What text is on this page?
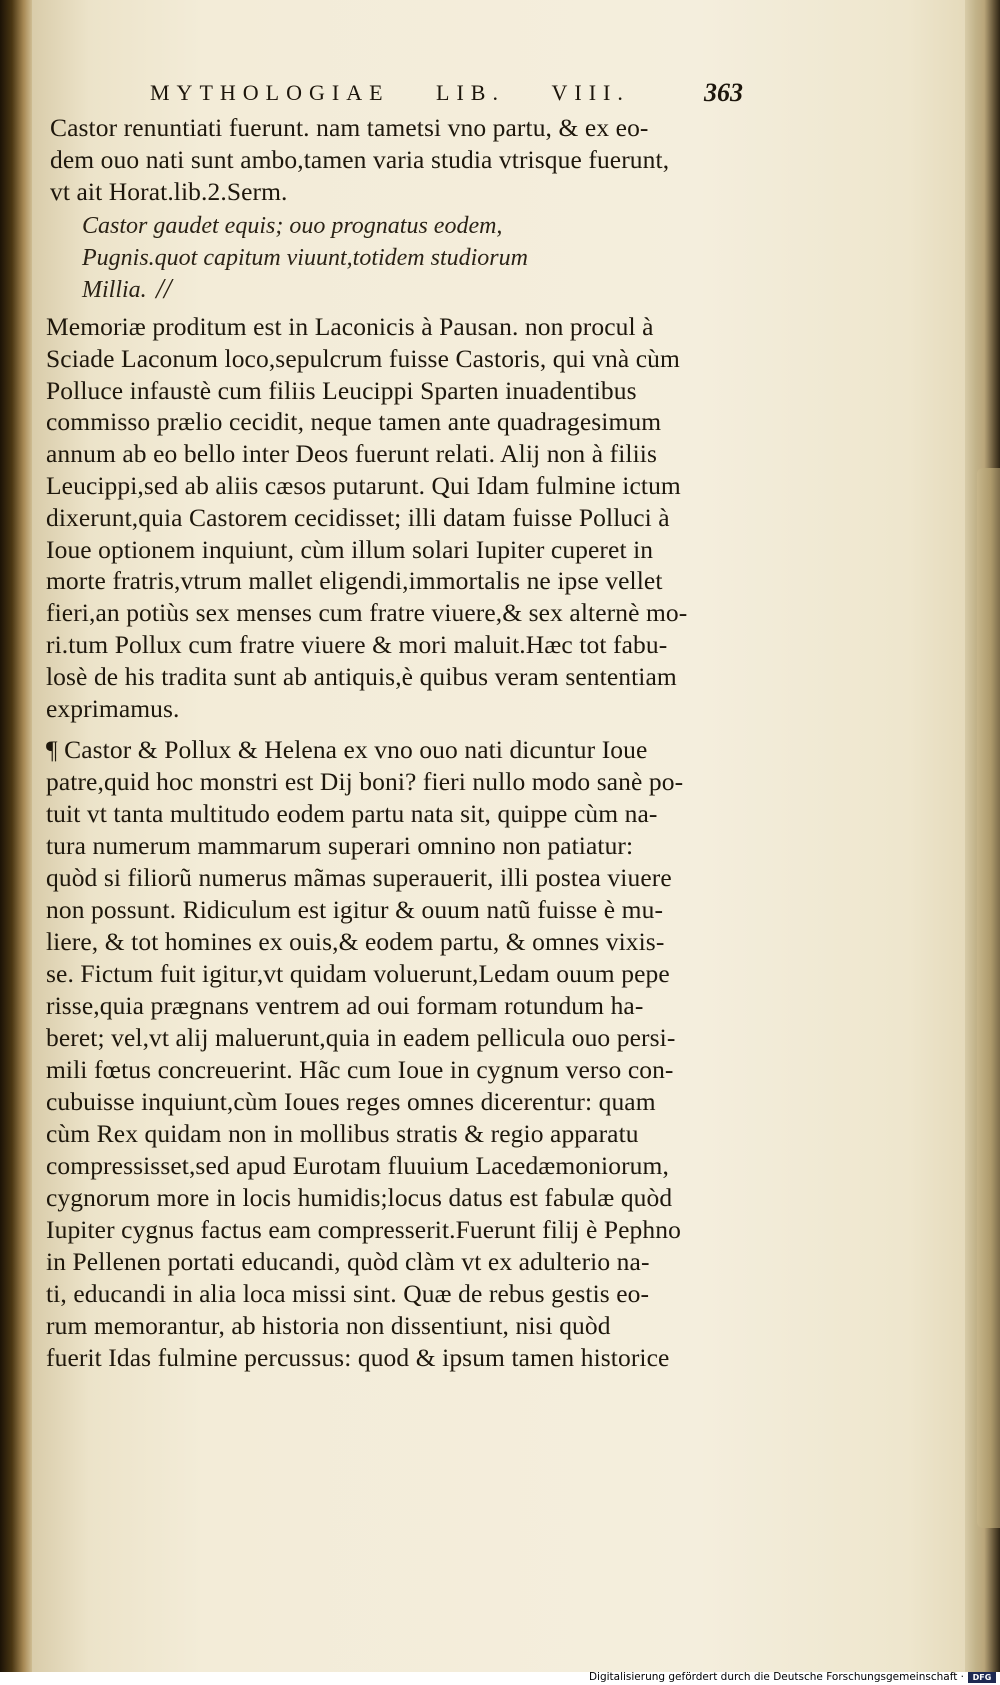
MYTHOLOGIAE LIB. VIII.	363
Castor renuntiati fuerunt. nam tametsi vno partu, & ex eo-
dem ouo nati sunt ambo,tamen varia studia vtrisque fuerunt,
vt ait Horat.lib.2.Serm.
Castor gaudet equis; ouo prognatus eodem,
Pugnis.quot capitum viuunt,totidem studiorum
Millia. //
Memoriæ proditum est in Laconicis à Pausan. non procul à
Sciade Laconum loco,sepulcrum fuisse Castoris, qui vnà cùm
Polluce infaustè cum filiis Leucippi Sparten inuadentibus
commisso prælio cecidit, neque tamen ante quadragesimum
annum ab eo bello inter Deos fuerunt relati. Alij non à filiis
Leucippi,sed ab aliis cæsos putarunt. Qui Idam fulmine ictum
dixerunt,quia Castorem cecidisset; illi datam fuisse Polluci à
Ioue optionem inquiunt, cùm illum solari Iupiter cuperet in
morte fratris,vtrum mallet eligendi,immortalis ne ipse vellet
fieri,an potiùs sex menses cum fratre viuere,& sex alternè mo-
ri.tum Pollux cum fratre viuere & mori maluit.Hæc tot fabu-
losè de his tradita sunt ab antiquis,è quibus veram sententiam
exprimamus.
¶ Castor & Pollux & Helena ex vno ouo nati dicuntur Ioue
patre,quid hoc monstri est Dij boni? fieri nullo modo sanè po-
tuit vt tanta multitudo eodem partu nata sit, quippe cùm na-
tura numerum mammarum superari omnino non patiatur:
quòd si filiorũ numerus mãmas superauerit, illi postea viuere
non possunt. Ridiculum est igitur & ouum natũ fuisse è mu-
liere, & tot homines ex ouis,& eodem partu, & omnes vixis-
se. Fictum fuit igitur,vt quidam voluerunt,Ledam ouum pepe
risse,quia prægnans ventrem ad oui formam rotundum ha-
beret; vel,vt alij maluerunt,quia in eadem pellicula ouo persi-
mili fœtus concreuerint. Hãc cum Ioue in cygnum verso con-
cubuisse inquiunt,cùm Ioues reges omnes dicerentur: quam
cùm Rex quidam non in mollibus stratis & regio apparatu
compressisset,sed apud Eurotam fluuium Lacedæmoniorum,
cygnorum more in locis humidis;locus datus est fabulæ quòd
Iupiter cygnus factus eam compresserit.Fuerunt filij è Pephno
in Pellenen portati educandi, quòd clàm vt ex adulterio na-
ti, educandi in alia loca missi sint. Quæ de rebus gestis eo-
rum memorantur, ab historia non dissentiunt, nisi quòd
fuerit Idas fulmine percussus: quod & ipsum tamen historice
Digitalisierung gefördert durch die Deutsche Forschungsgemeinschaft ·	DFG
